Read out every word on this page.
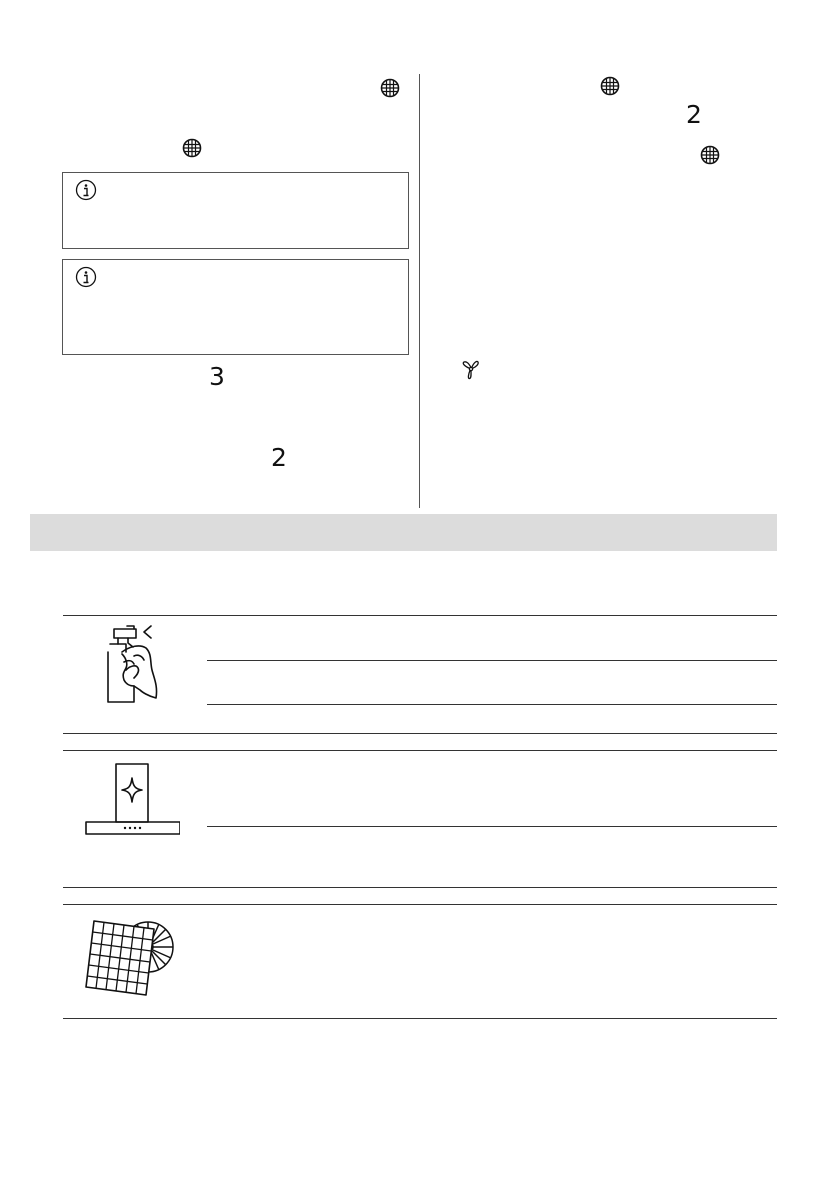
3
2
2
